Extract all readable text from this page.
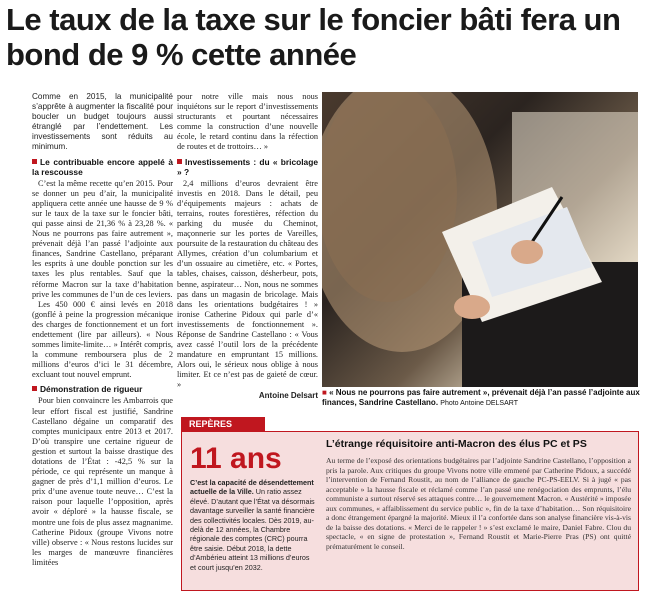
Le taux de la taxe sur le foncier bâti fera un bond de 9 % cette année
Comme en 2015, la municipalité s’apprête à augmenter la fiscalité pour boucler un budget toujours aussi étranglé par l’endettement. Les investissements sont réduits au minimum.
Le contribuable encore appelé à la rescousse

C’est la même recette qu’en 2015. Pour se donner un peu d’air, la municipalité appliquera cette année une hausse de 9 % sur le taux de la taxe sur le foncier bâti, qui passe ainsi de 21,36 % à 23,28 %. « Nous ne pourrons pas faire autrement », prévenait déjà l’an passé l’adjointe aux finances, Sandrine Castellano, préparant les esprits à une double ponction sur les taxes les plus rentables. Sauf que la réforme Macron sur la taxe d’habitation prive les communes de l’un de ces leviers.

Les 450 000 € ainsi levés en 2018 (gonflé à peine la progression mécanique des charges de fonctionnement et un fort endettement (lire par ailleurs). « Nous sommes limite-limite… » Intérêt compris, la commune remboursera plus de 2 millions d’euros d’ici le 31 décembre, excluant tout nouvel emprunt.

Démonstration de rigueur

Pour bien convaincre les Ambarrois que leur effort fiscal est justifié, Sandrine Castellano dégaine un comparatif des comptes municipaux entre 2013 et 2017. D’où transpire une certaine rigueur de gestion et surtout la baisse drastique des dotations de l’État : -42,5 % sur la période, ce qui représente un manque à gagner de près d’1,1 million d’euros. Le prix d’une avenue toute neuve… C’est la raison pour laquelle l’opposition, après avoir « déploré » la hausse fiscale, se montre une fois de plus assez magnanime. Catherine Pidoux (groupe Vivons notre ville) observe : « Nous restons lucides sur les marges de manœuvre financières limitées

pour notre ville mais nous nous inquiétons sur le report d’investissements structurants et pourtant nécessaires comme la construction d’une nouvelle école, le retard continu dans la réfection de routes et de trottoirs… »

Investissements : du « bricolage » ?

2,4 millions d’euros devraient être investis en 2018. Dans le détail, peu d’équipements majeurs : achats de terrains, routes forestières, réfection du parking du musée du Cheminot, maçonnerie sur les portes de Vareilles, poursuite de la restauration du château des Allymes, création d’un columbarium et d’un ossuaire au cimetière, etc. « Portes, tables, chaises, caisson, désherbeur, pots, benne, aspirateur… Non, nous ne sommes pas dans un magasin de bricolage. Mais dans les orientations budgétaires ! » ironise Catherine Pidoux qui parle d’« investissements de fonctionnement ». Réponse de Sandrine Castellano : « Vous avez cassé l’outil lors de la précédente mandature en empruntant 15 millions. Alors oui, le sérieux nous oblige à nous limiter. Et ce n’est pas de gaieté de cœur. »

Antoine Delsart ■ « Nous ne pourrons pas faire autrement », prévenait déjà l’an passé l’adjointe aux finances, Sandrine Castellano. Photo Antoine DELSART
REPÈRES
11 ans
C’est la capacité de désendettement actuelle de la Ville. Un ratio assez élevé. D’autant que l’État va désormais davantage surveiller la santé financière des collectivités locales. Dès 2019, au-delà de 12 années, la Chambre régionale des comptes (CRC) pourra être saisie. Début 2018, la dette d’Ambérieu atteint 13 millions d’euros et court jusqu’en 2032.
L’étrange réquisitoire anti-Macron des élus PC et PS
Au terme de l’exposé des orientations budgétaires par l’adjointe Sandrine Castellano, l’opposition a pris la parole. Aux critiques du groupe Vivons notre ville emmené par Catherine Pidoux, a succédé l’intervention de Fernand Roustit, au nom de l’alliance de gauche PC-PS-EELV. Si à jugé « pas acceptable » la hausse fiscale et réclamé comme l’an passé une renégociation des emprunts, l’élu communiste a surtout réservé ses attaques contre… le gouvernement Macron. « Austérité » imposée aux communes, « affaiblissement du service public », fin de la taxe d’habitation… Son réquisitoire a donc étrangement épargné la majorité. Mieux il l’a confortée dans son analyse financière vis-à-vis de la baisse des dotations. « Merci de le rappeler ! » s’est exclamé le maire, Daniel Fabre. Clou du spectacle, « en signe de protestation », Fernand Roustit et Marie-Pierre Pras (PS) ont quitté prématurément le conseil.
